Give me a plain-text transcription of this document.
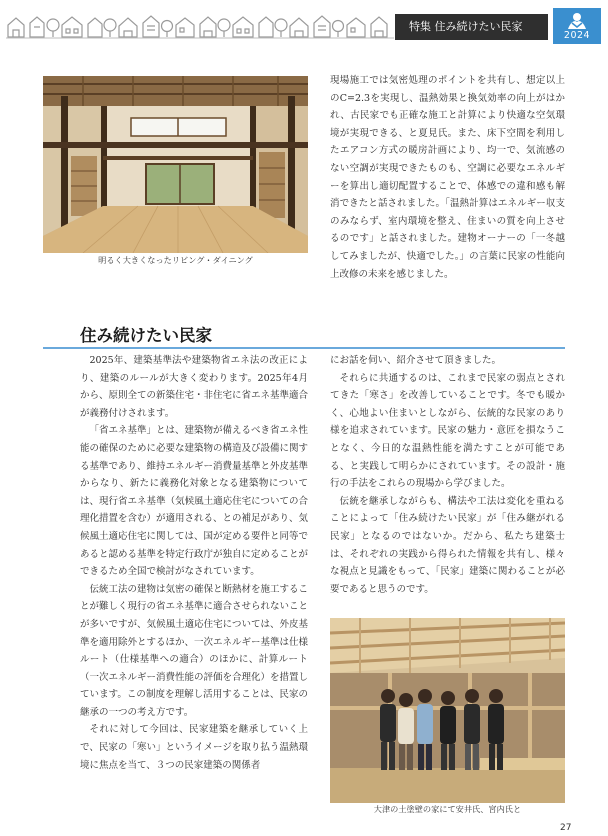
特集 住み続けたい民家
2024
明るく大きくなったリビング・ダイニング

現場施工では気密処理のポイントを共有し、想定以上のC=2.3を実現し、温熱効果と換気効率の向上がはかれ、古民家でも正確な施工と計算により快適な空気環境が実現できる、と夏見氏。また、床下空間を利用したエアコン方式の暖房計画により、均一で、気流感のない空調が実現できたものも、空調に必要なエネルギーを算出し適切配置することで、体感での違和感も解消できたと話されました。「温熱計算はエネルギー収支のみならず、室内環境を整え、住まいの質を向上させるのです」と話されました。建物オーナーの「一冬越してみましたが、快適でした。」の言葉に民家の性能向上改修の未来を感じました。

住み続けたい民家

2025年、建築基準法や建築物省エネ法の改正により、建築のルールが大きく変わります。2025年4月から、原則全ての新築住宅・非住宅に省エネ基準適合が義務付けされます。

「省エネ基準」とは、建築物が備えるべき省エネ性能の確保のために必要な建築物の構造及び設備に関する基準であり、維持エネルギー消費量基準と外皮基準からなり、新たに義務化対象となる建築物については、現行省エネ基準（気候風土適応住宅についての合理化措置を含む）が適用される、との補足があり、気候風土適応住宅に関しては、国が定める要件と同等であると認める基準を特定行政庁が独自に定めることができるため全国で検討がなされています。

伝統工法の建物は気密の確保と断熱材を施工することが難しく現行の省エネ基準に適合させられないことが多いですが、気候風土適応住宅については、外皮基準を適用除外とするほか、一次エネルギー基準は仕様ルート（仕様基準への適合）のほかに、計算ルート（一次エネルギー消費性能の評価を合理化）を措置しています。この制度を理解し活用することは、民家の継承の一つの考え方です。

それに対して今回は、民家建築を継承していく上で、民家の「寒い」というイメージを取り払う温熱環境に焦点を当て、３つの民家建築の関係者

にお話を伺い、紹介させて頂きました。

それらに共通するのは、これまで民家の弱点とされてきた「寒さ」を改善していることです。冬でも暖かく、心地よい住まいとしながら、伝統的な民家のあり様を追求されています。民家の魅力・意匠を損なうことなく、今日的な温熱性能を満たすことが可能である、と実践して明らかにされています。その設計・施行の手法をこれらの現場から学びました。

伝統を継承しながらも、構法や工法は変化を重ねることによって「住み続けたい民家」が「住み継がれる民家」となるのではないか。だから、私たち建築士は、それぞれの実践から得られた情報を共有し、様々な視点と見識をもって、「民家」建築に関わることが必要であると思うのです。

大津の土塗壁の家にて安井氏、宮内氏と
27
